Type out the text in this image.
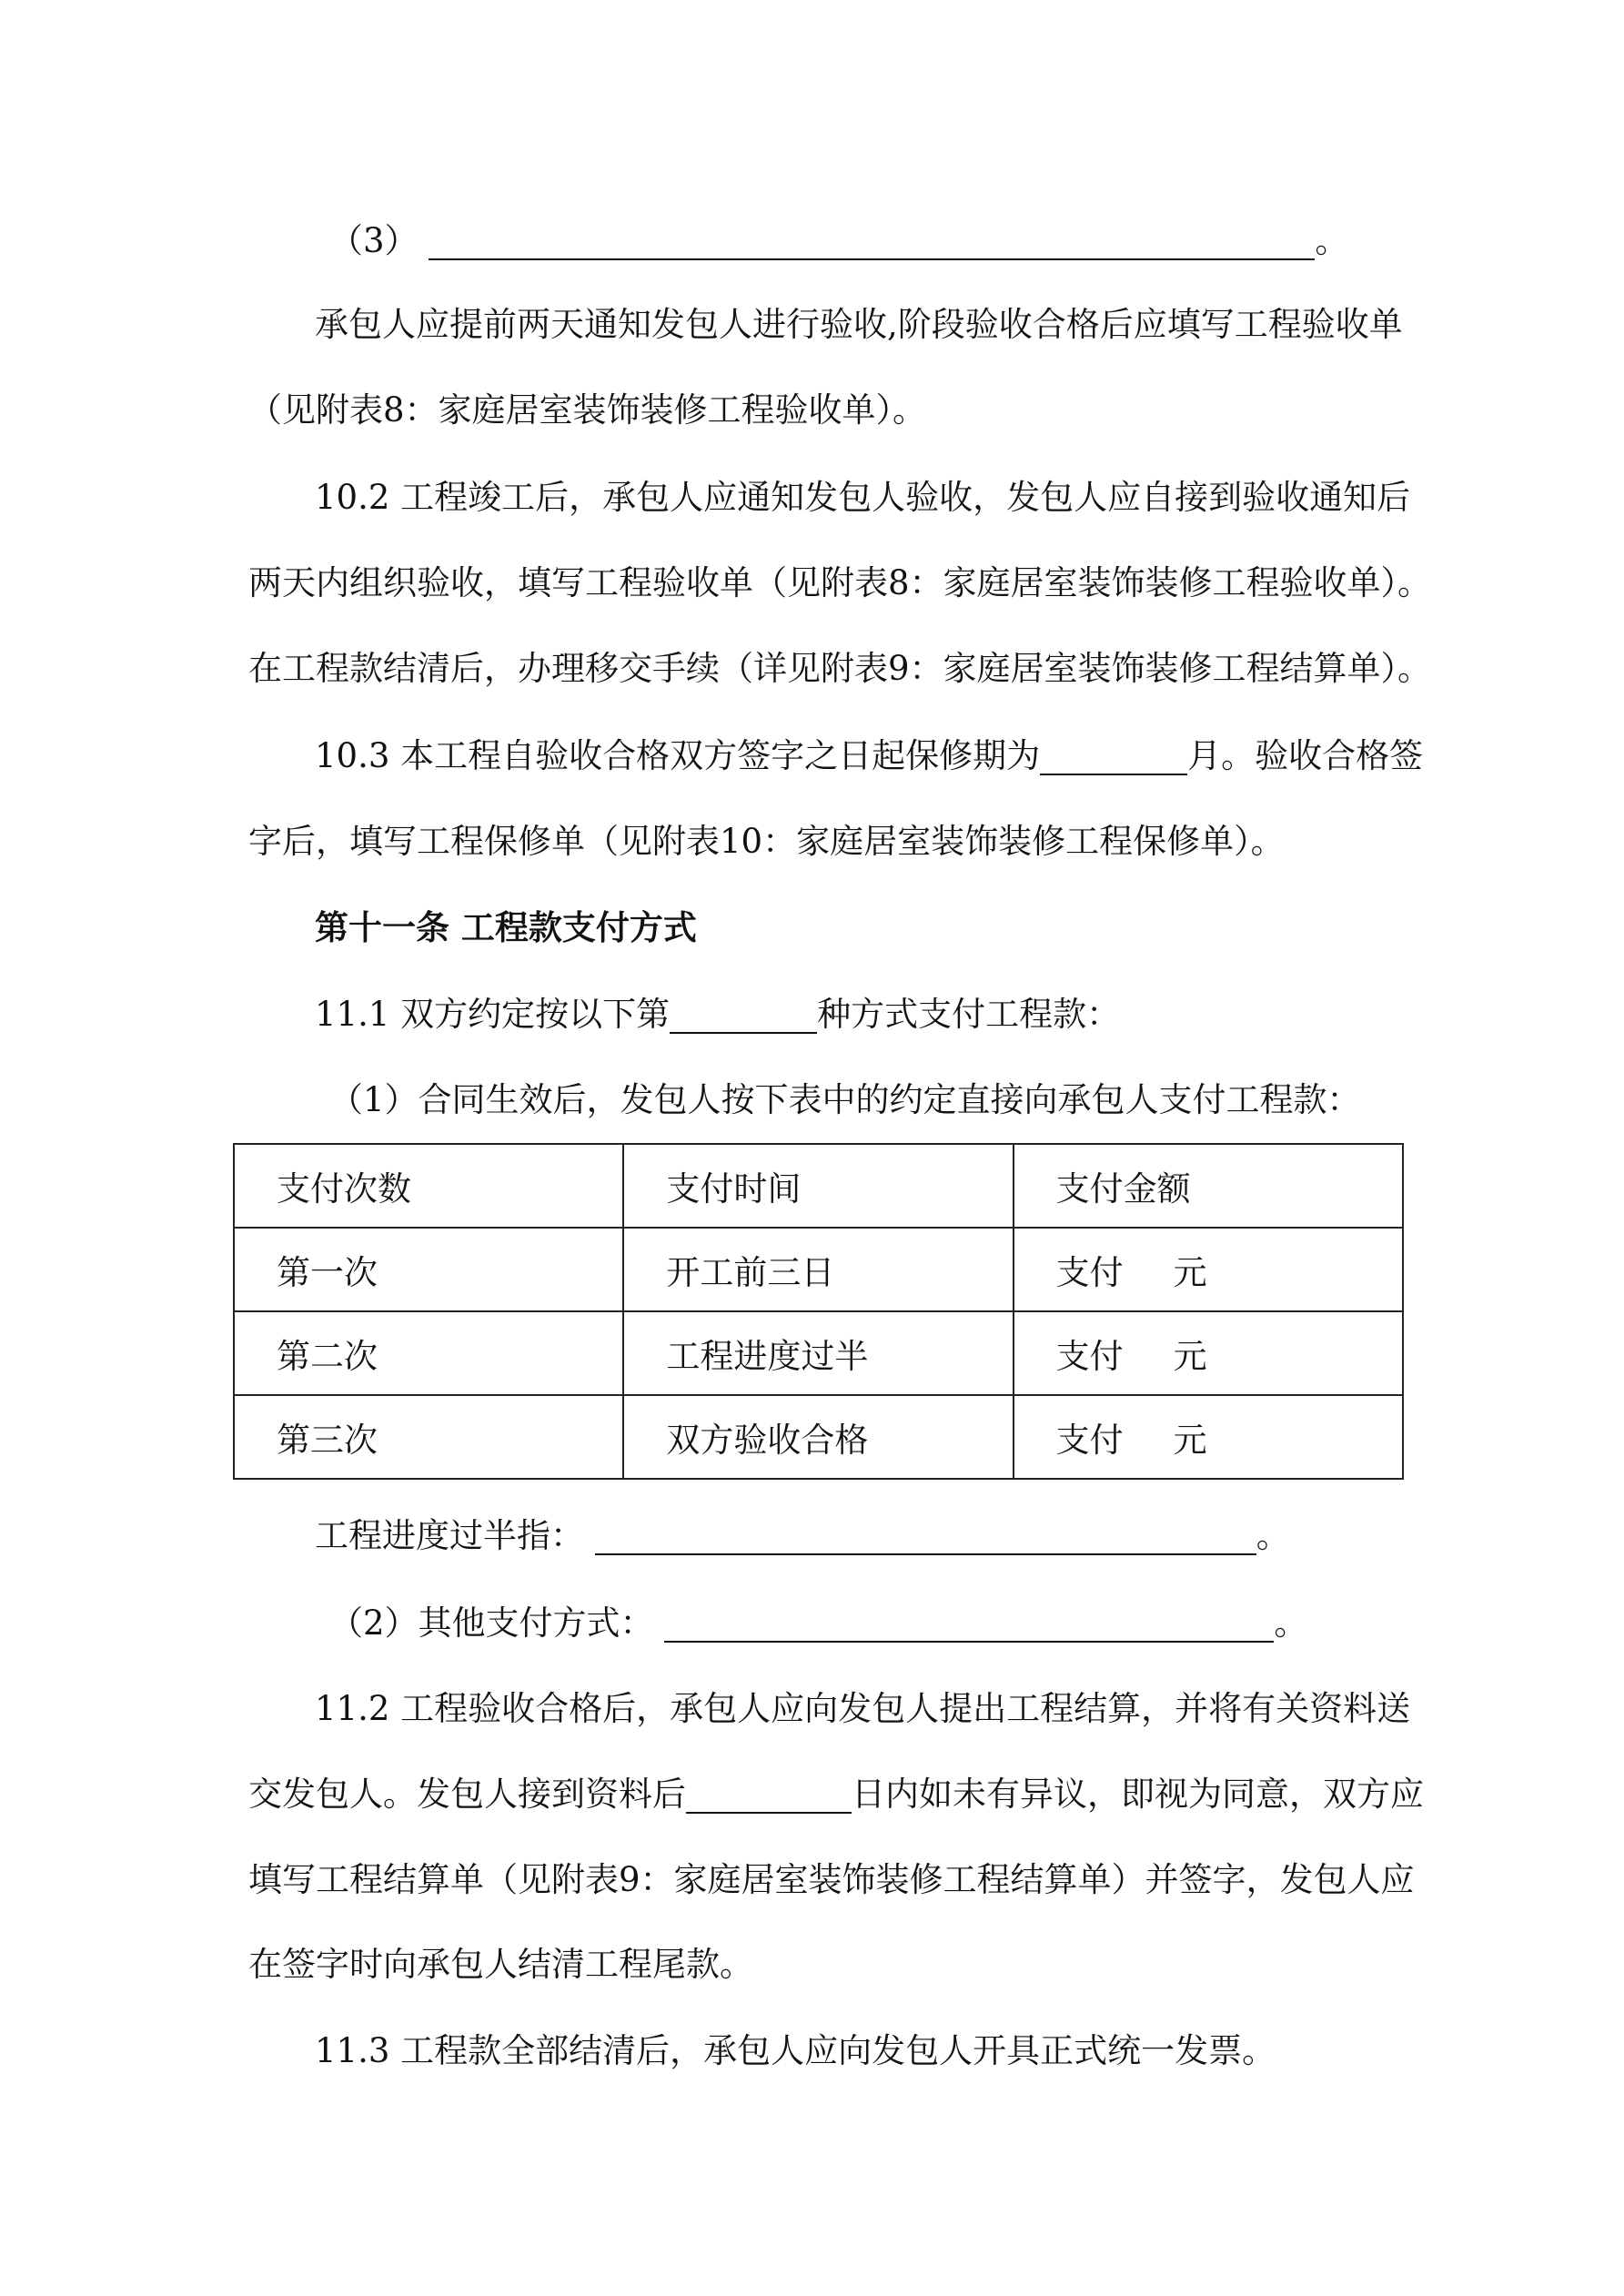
（3）	。
承包人应提前两天通知发包人进行验收,阶段验收合格后应填写工程验收单
（见附表8：家庭居室装饰装修工程验收单）。
10.2 工程竣工后，承包人应通知发包人验收，发包人应自接到验收通知后
两天内组织验收，填写工程验收单（见附表8：家庭居室装饰装修工程验收单）。
在工程款结清后，办理移交手续（详见附表9：家庭居室装饰装修工程结算单）。
10.3 本工程自验收合格双方签字之日起保修期为	月。验收合格签
字后，填写工程保修单（见附表10：家庭居室装饰装修工程保修单）。
第十一条 工程款支付方式
11.1 双方约定按以下第	种方式支付工程款：
（1）合同生效后，发包人按下表中的约定直接向承包人支付工程款：
支付次数	支付时间	支付金额
第一次	开工前三日	支付 元
第二次	工程进度过半	支付 元
第三次	双方验收合格	支付 元
工程进度过半指：	。
（2）其他支付方式：	。
11.2 工程验收合格后，承包人应向发包人提出工程结算，并将有关资料送
交发包人。发包人接到资料后	日内如未有异议，即视为同意，双方应
填写工程结算单（见附表9：家庭居室装饰装修工程结算单）并签字，发包人应
在签字时向承包人结清工程尾款。
11.3 工程款全部结清后，承包人应向发包人开具正式统一发票。
